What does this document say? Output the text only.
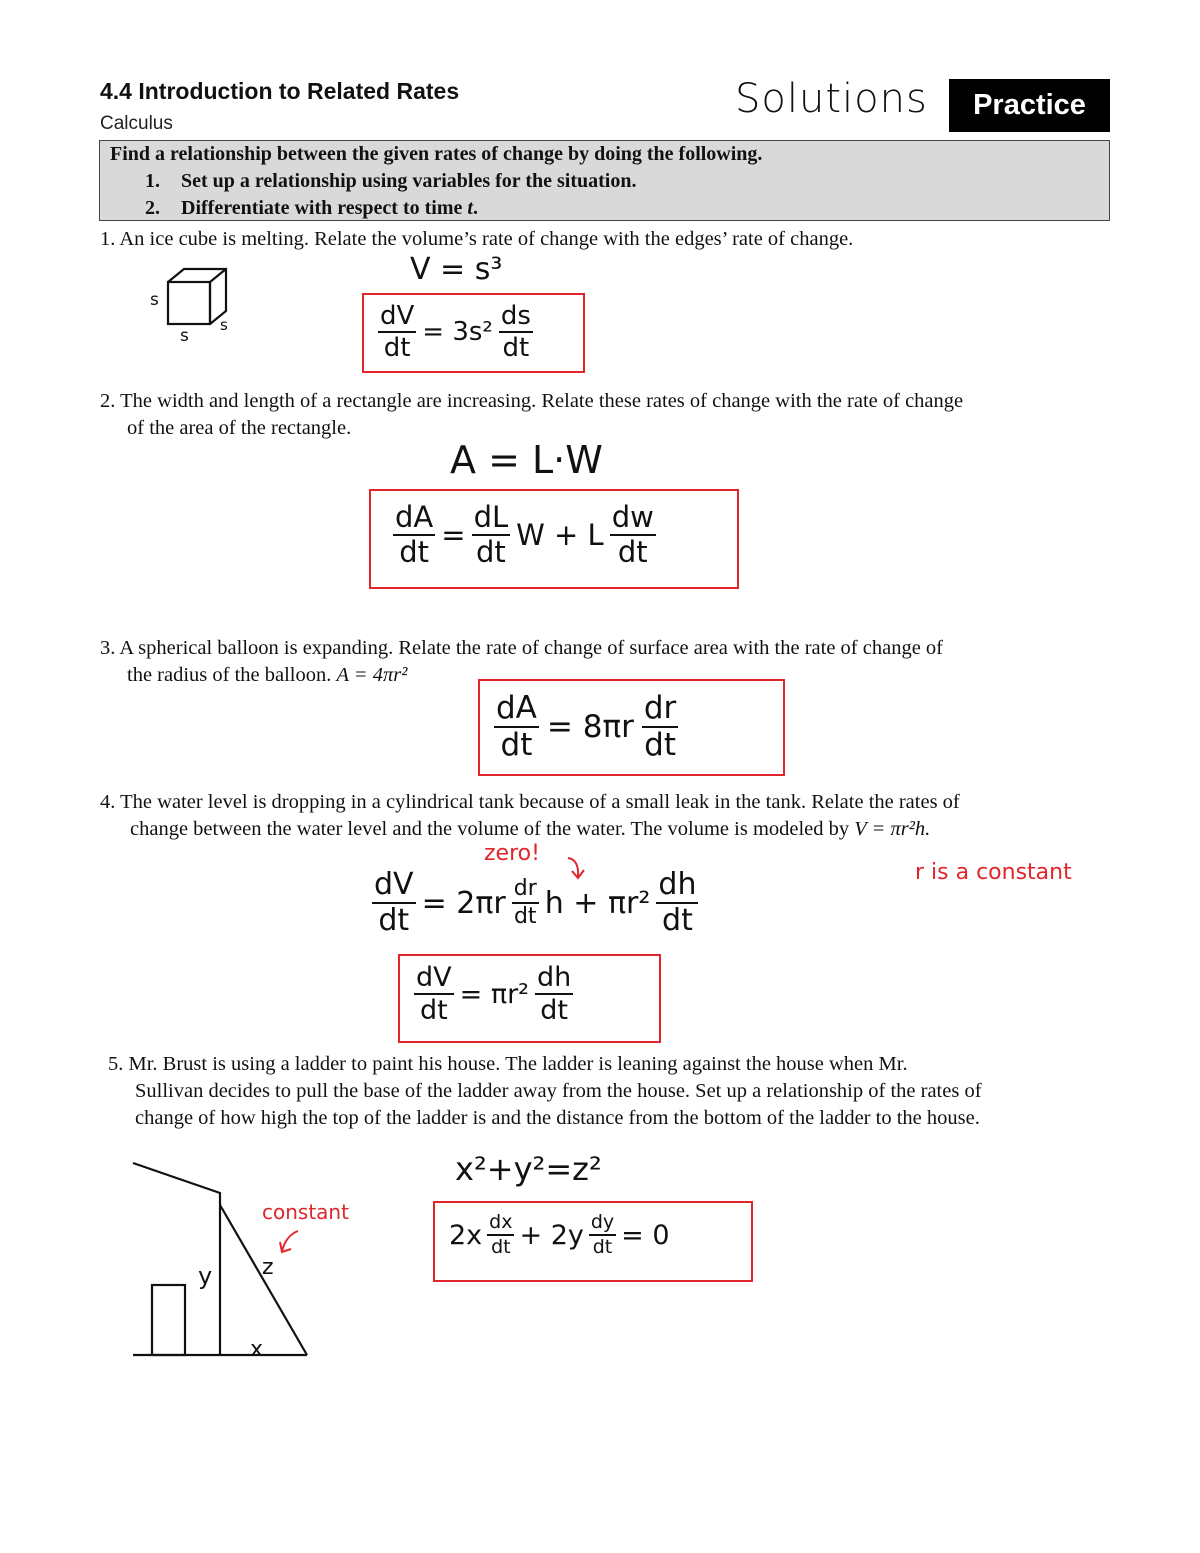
4.4 Introduction to Related Rates
Calculus
Solutions	Practice
Find a relationship between the given rates of change by doing the following.
1. Set up a relationship using variables for the situation.
2. Differentiate with respect to time t.
1. An ice cube is melting. Relate the volume’s rate of change with the edges’ rate of change.
s
s
s
V = s³
$\frac{dV}{dt} = 3s^2 \frac{ds}{dt}$
2. The width and length of a rectangle are increasing. Relate these rates of change with the rate of change
of the area of the rectangle.
A = L·W
$\frac{dA}{dt} = \frac{dL}{dt}$ W + L $\frac{dw}{dt}$
3. A spherical balloon is expanding. Relate the rate of change of surface area with the rate of change of
the radius of the balloon. A = 4πr²
$\frac{dA}{dt} = 8\pi r \frac{dr}{dt}$
4. The water level is dropping in a cylindrical tank because of a small leak in the tank. Relate the rates of
change between the water level and the volume of the water. The volume is modeled by V = πr²h.
zero!
r is a constant
$\frac{dV}{dt} = 2\pi r \frac{dr}{dt}$ $h + \pi r^2 \frac{dh}{dt}$
$\frac{dV}{dt} = \pi r^2 \frac{dh}{dt}$
5. Mr. Brust is using a ladder to paint his house. The ladder is leaning against the house when Mr.
Sullivan decides to pull the base of the ladder away from the house. Set up a relationship of the rates of
change of how high the top of the ladder is and the distance from the bottom of the ladder to the house.
y z
x
constant
x²+y²=z²
$2x \frac{dx}{dt} + 2y \frac{dy}{dt} = 0$
